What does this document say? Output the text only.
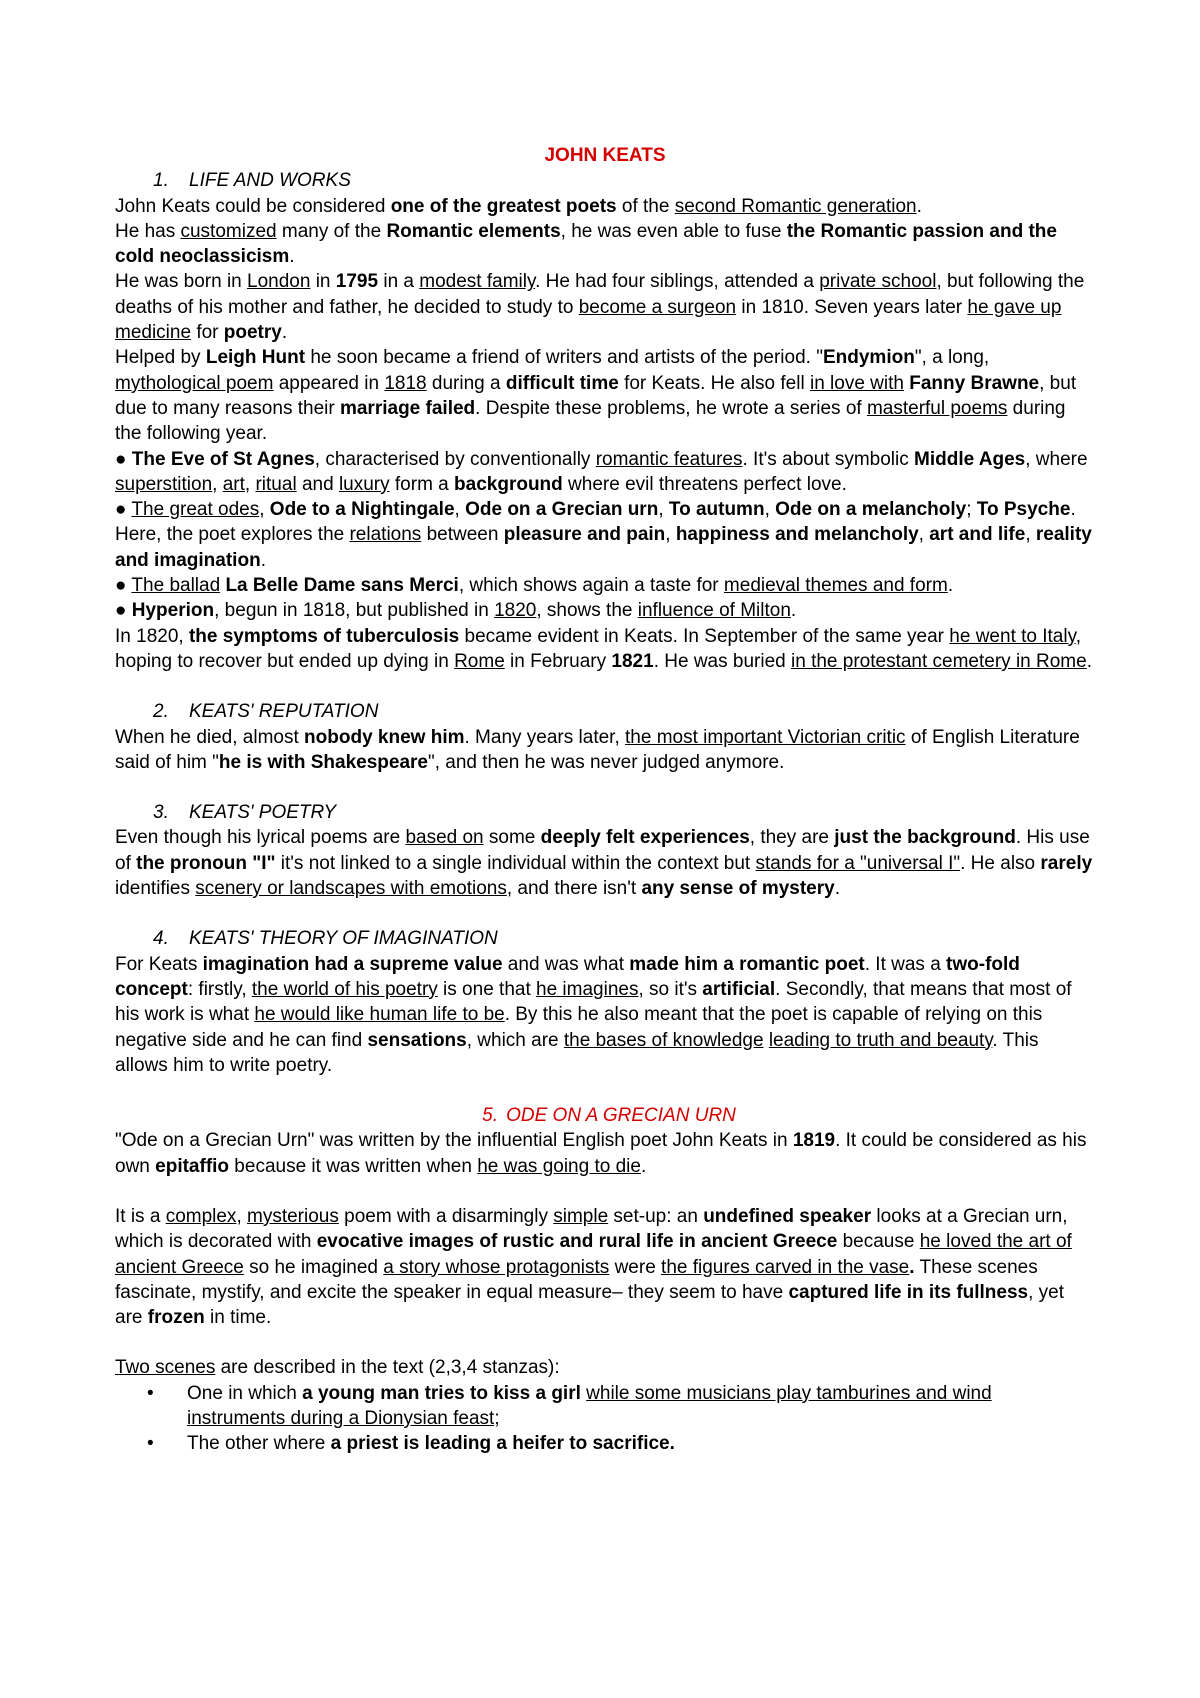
JOHN KEATS

1. LIFE AND WORKS

John Keats could be considered one of the greatest poets of the second Romantic generation.

He has customized many of the Romantic elements, he was even able to fuse the Romantic passion and the cold neoclassicism.

He was born in London in 1795 in a modest family. He had four siblings, attended a private school, but following the deaths of his mother and father, he decided to study to become a surgeon in 1810. Seven years later he gave up medicine for poetry.

Helped by Leigh Hunt he soon became a friend of writers and artists of the period. "Endymion", a long, mythological poem appeared in 1818 during a difficult time for Keats. He also fell in love with Fanny Brawne, but due to many reasons their marriage failed. Despite these problems, he wrote a series of masterful poems during the following year.

● The Eve of St Agnes, characterised by conventionally romantic features. It's about symbolic Middle Ages, where superstition, art, ritual and luxury form a background where evil threatens perfect love.

● The great odes, Ode to a Nightingale, Ode on a Grecian urn, To autumn, Ode on a melancholy; To Psyche. Here, the poet explores the relations between pleasure and pain, happiness and melancholy, art and life, reality and imagination.

● The ballad La Belle Dame sans Merci, which shows again a taste for medieval themes and form.

● Hyperion, begun in 1818, but published in 1820, shows the influence of Milton.

In 1820, the symptoms of tuberculosis became evident in Keats. In September of the same year he went to Italy, hoping to recover but ended up dying in Rome in February 1821. He was buried in the protestant cemetery in Rome.

2. KEATS' REPUTATION

When he died, almost nobody knew him. Many years later, the most important Victorian critic of English Literature said of him "he is with Shakespeare", and then he was never judged anymore.

3. KEATS' POETRY

Even though his lyrical poems are based on some deeply felt experiences, they are just the background. His use of the pronoun "I" it's not linked to a single individual within the context but stands for a "universal I". He also rarely identifies scenery or landscapes with emotions, and there isn't any sense of mystery.

4. KEATS' THEORY OF IMAGINATION

For Keats imagination had a supreme value and was what made him a romantic poet. It was a two-fold concept: firstly, the world of his poetry is one that he imagines, so it's artificial. Secondly, that means that most of his work is what he would like human life to be. By this he also meant that the poet is capable of relying on this negative side and he can find sensations, which are the bases of knowledge leading to truth and beauty. This allows him to write poetry.

5. ODE ON A GRECIAN URN

"Ode on a Grecian Urn" was written by the influential English poet John Keats in 1819. It could be considered as his own epitaffio because it was written when he was going to die.

It is a complex, mysterious poem with a disarmingly simple set-up: an undefined speaker looks at a Grecian urn, which is decorated with evocative images of rustic and rural life in ancient Greece because he loved the art of ancient Greece so he imagined a story whose protagonists were the figures carved in the vase. These scenes fascinate, mystify, and excite the speaker in equal measure– they seem to have captured life in its fullness, yet are frozen in time.

Two scenes are described in the text (2,3,4 stanzas):

•	One in which a young man tries to kiss a girl while some musicians play tamburines and wind instruments during a Dionysian feast;
•	The other where a priest is leading a heifer to sacrifice.
